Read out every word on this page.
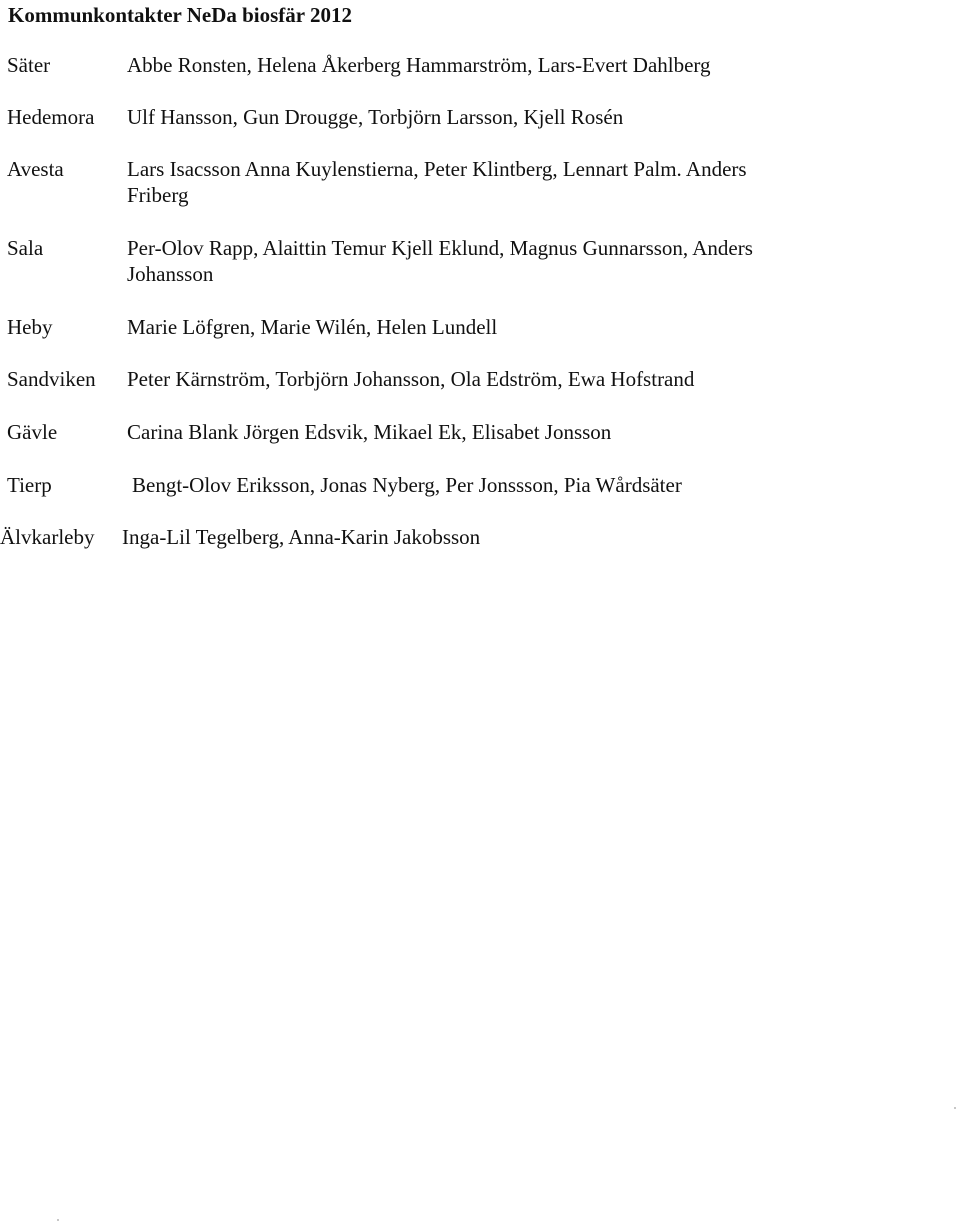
Kommunkontakter NeDa biosfär 2012
Säter	Abbe Ronsten, Helena Åkerberg Hammarström, Lars-Evert Dahlberg
Hedemora Ulf Hansson, Gun Drougge, Torbjörn Larsson, Kjell Rosén
Avesta	Lars Isacsson Anna Kuylenstierna, Peter Klintberg, Lennart Palm. Anders Friberg
Sala	Per-Olov Rapp, Alaittin Temur Kjell Eklund, Magnus Gunnarsson, Anders Johansson
Heby	Marie Löfgren, Marie Wilén, Helen Lundell
Sandviken Peter Kärnström, Torbjörn Johansson, Ola Edström, Ewa Hofstrand
Gävle	Carina Blank Jörgen Edsvik, Mikael Ek, Elisabet Jonsson
Tierp	Bengt-Olov Eriksson, Jonas Nyberg, Per Jonssson, Pia Wårdsäter
Älvkarleby Inga-Lil Tegelberg, Anna-Karin Jakobsson
